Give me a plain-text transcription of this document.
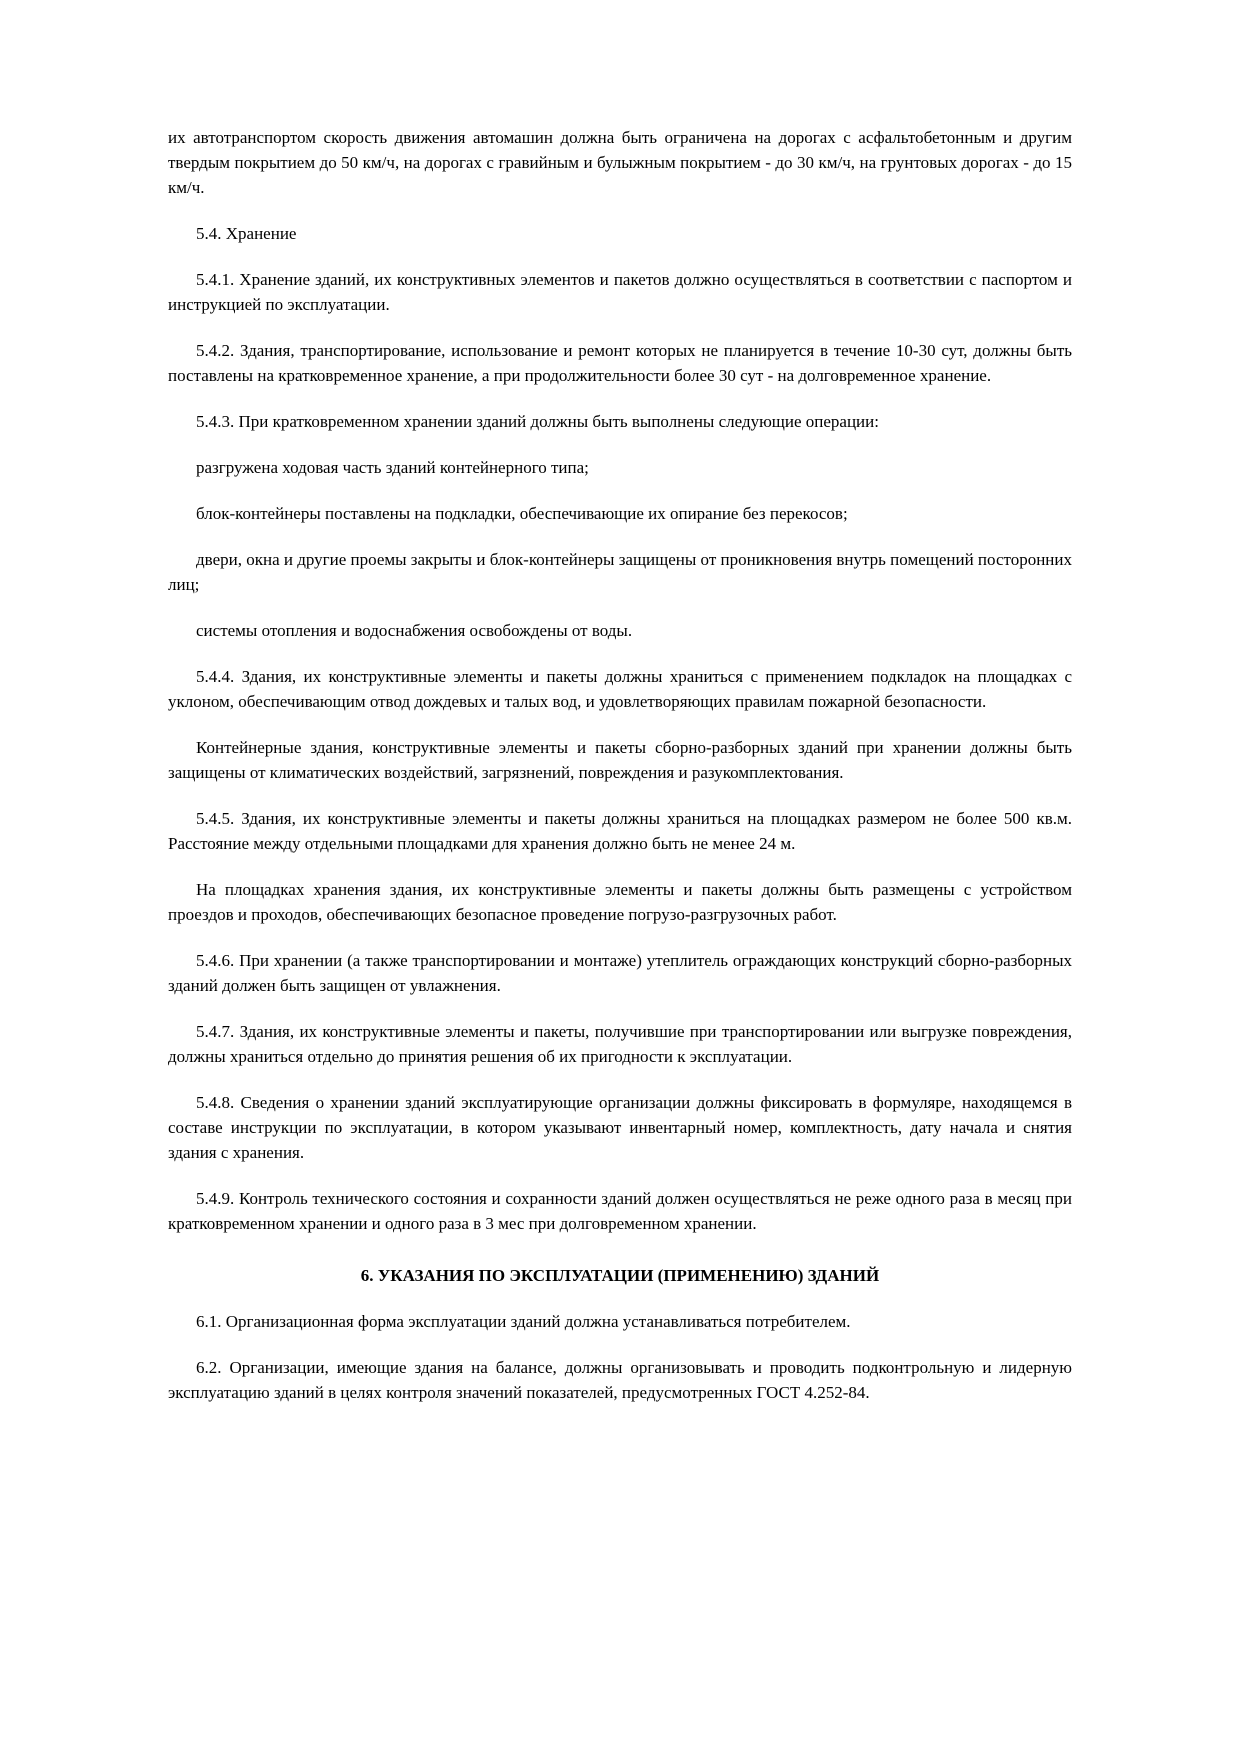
их автотранспортом скорость движения автомашин должна быть ограничена на дорогах с асфальтобетонным и другим твердым покрытием до 50 км/ч, на дорогах с гравийным и булыжным покрытием - до 30 км/ч, на грунтовых дорогах - до 15 км/ч.

5.4. Хранение

5.4.1. Хранение зданий, их конструктивных элементов и пакетов должно осуществляться в соответствии с паспортом и инструкцией по эксплуатации.

5.4.2. Здания, транспортирование, использование и ремонт которых не планируется в течение 10-30 сут, должны быть поставлены на кратковременное хранение, а при продолжительности более 30 сут - на долговременное хранение.

5.4.3. При кратковременном хранении зданий должны быть выполнены следующие операции:

разгружена ходовая часть зданий контейнерного типа;

блок-контейнеры поставлены на подкладки, обеспечивающие их опирание без перекосов;

двери, окна и другие проемы закрыты и блок-контейнеры защищены от проникновения внутрь помещений посторонних лиц;

системы отопления и водоснабжения освобождены от воды.

5.4.4. Здания, их конструктивные элементы и пакеты должны храниться с применением подкладок на площадках с уклоном, обеспечивающим отвод дождевых и талых вод, и удовлетворяющих правилам пожарной безопасности.

Контейнерные здания, конструктивные элементы и пакеты сборно-разборных зданий при хранении должны быть защищены от климатических воздействий, загрязнений, повреждения и разукомплектования.

5.4.5. Здания, их конструктивные элементы и пакеты должны храниться на площадках размером не более 500 кв.м. Расстояние между отдельными площадками для хранения должно быть не менее 24 м.

На площадках хранения здания, их конструктивные элементы и пакеты должны быть размещены с устройством проездов и проходов, обеспечивающих безопасное проведение погрузо-разгрузочных работ.

5.4.6. При хранении (а также транспортировании и монтаже) утеплитель ограждающих конструкций сборно-разборных зданий должен быть защищен от увлажнения.

5.4.7. Здания, их конструктивные элементы и пакеты, получившие при транспортировании или выгрузке повреждения, должны храниться отдельно до принятия решения об их пригодности к эксплуатации.

5.4.8. Сведения о хранении зданий эксплуатирующие организации должны фиксировать в формуляре, находящемся в составе инструкции по эксплуатации, в котором указывают инвентарный номер, комплектность, дату начала и снятия здания с хранения.

5.4.9. Контроль технического состояния и сохранности зданий должен осуществляться не реже одного раза в месяц при кратковременном хранении и одного раза в 3 мес при долговременном хранении.

6. УКАЗАНИЯ ПО ЭКСПЛУАТАЦИИ (ПРИМЕНЕНИЮ) ЗДАНИЙ

6.1. Организационная форма эксплуатации зданий должна устанавливаться потребителем.

6.2. Организации, имеющие здания на балансе, должны организовывать и проводить подконтрольную и лидерную эксплуатацию зданий в целях контроля значений показателей, предусмотренных ГОСТ 4.252-84.
